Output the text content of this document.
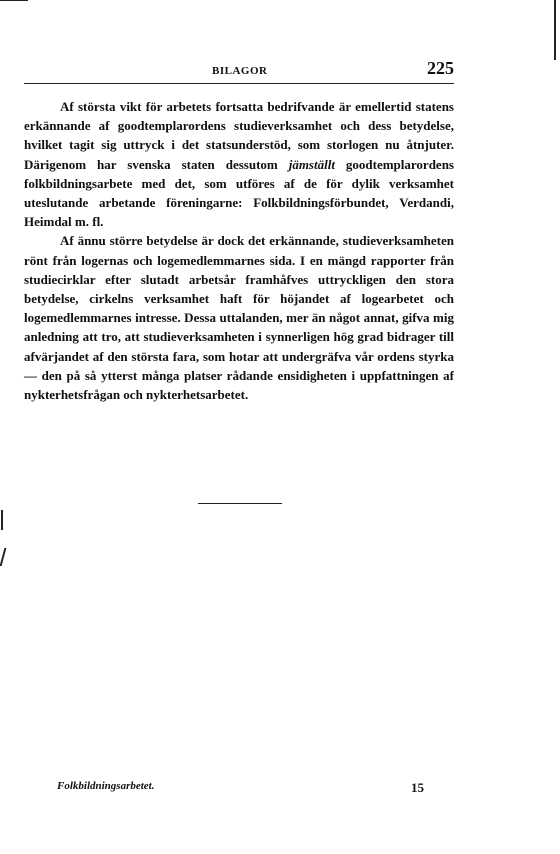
BILAGOR	225

Af största vikt för arbetets fortsatta bedrifvande är emellertid statens erkännande af goodtemplarordens studieverksamhet och dess betydelse, hvilket tagit sig uttryck i det statsunderstöd, som storlogen nu åtnjuter. Därigenom har svenska staten dessutom jämställt goodtemplarordens folkbildningsarbete med det, som utföres af de för dylik verksamhet uteslutande arbetande föreningarne: Folkbildningsförbundet, Verdandi, Heimdal m. fl.

Af ännu större betydelse är dock det erkännande, studieverksamheten rönt från logernas och logemedlemmarnes sida. I en mängd rapporter från studiecirklar efter slutadt arbetsår framhåfves uttryckligen den stora betydelse, cirkelns verksamhet haft för höjandet af logearbetet och logemedlemmarnes intresse. Dessa uttalanden, mer än något annat, gifva mig anledning att tro, att studieverksamheten i synnerligen hög grad bidrager till afvärjandet af den största fara, som hotar att undergräfva vår ordens styrka — den på så ytterst många platser rådande ensidigheten i uppfattningen af nykterhetsfrågan och nykterhetsarbetet.

Folkbildningsarbetet.	15
